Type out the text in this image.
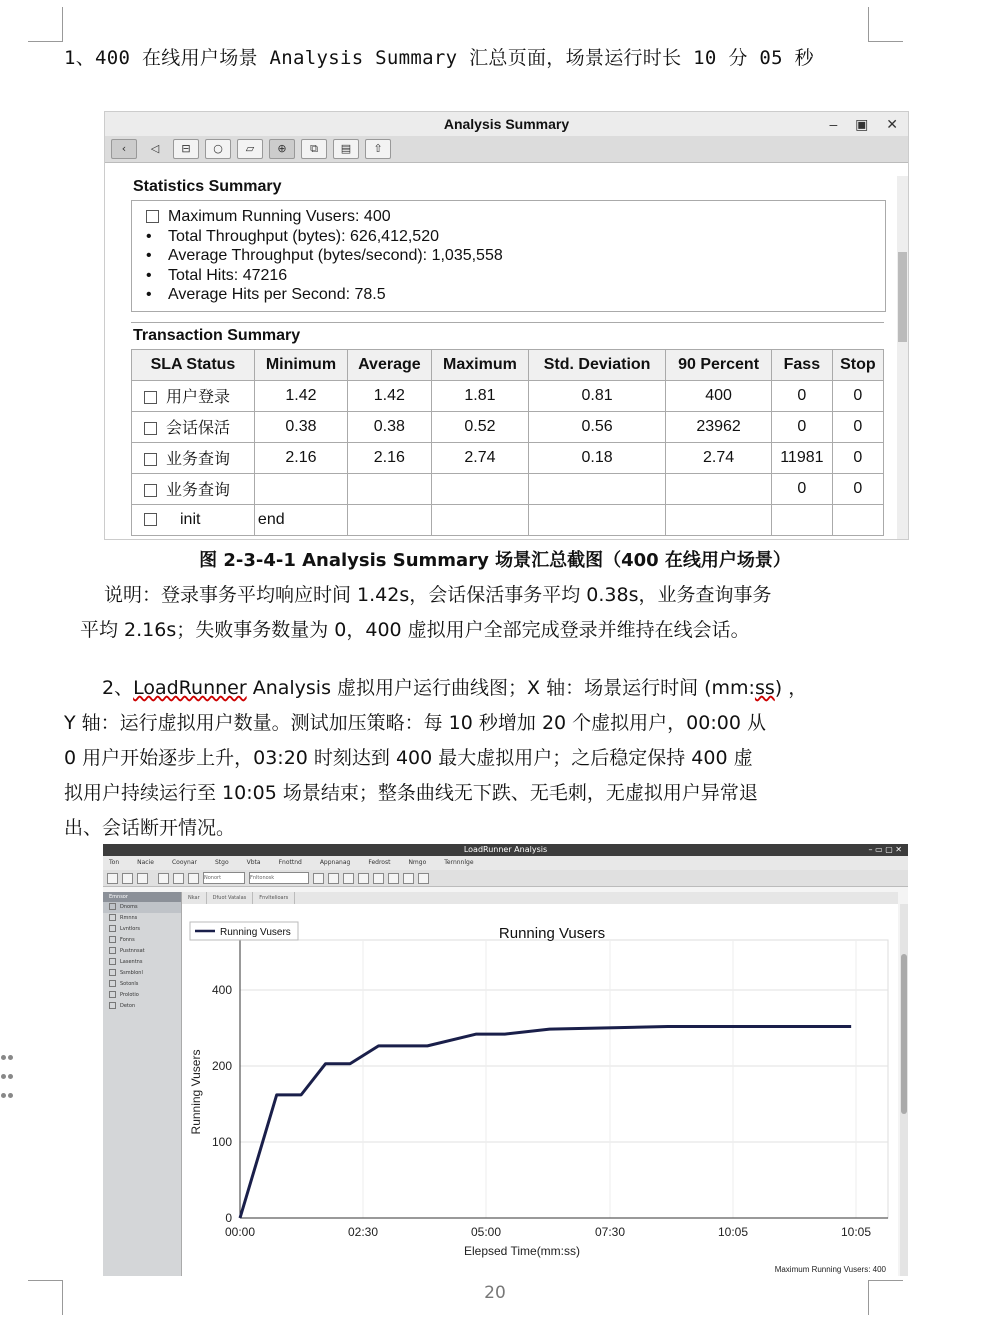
1、400 在线用户场景 Analysis Summary 汇总页面，场景运行时长 10 分 05 秒
Analysis Summary	– ▣ ✕
‹	◁	⊟	○	▱	⊕	⧉	▤	⇧
Statistics Summary
Maximum Running Vusers: 400
•	Total Throughput (bytes): 626,412,520
•	Average Throughput (bytes/second): 1,035,558
•	Total Hits: 47216
•	Average Hits per Second: 78.5
Transaction Summary
SLA Status	Minimum	Average	Maximum	Std. Deviation	90 Percent	Fass	Stop
用户登录	1.42	1.42	1.81	0.81	400	0	0
会话保活	0.38	0.38	0.52	0.56	23962	0	0
业务查询	2.16	2.16	2.74	0.18	2.74	11981	0
业务查询						0	0
init	end						
图 2-3-4-1 Analysis Summary 场景汇总截图（400 在线用户场景）
说明：登录事务平均响应时间 1.42s，会话保活事务平均 0.38s，业务查询事务
平均 2.16s；失败事务数量为 0，400 虚拟用户全部完成登录并维持在线会话。
2、LoadRunner Analysis 虚拟用户运行曲线图；X 轴：场景运行时间 (mm:ss) ，
Y 轴：运行虚拟用户数量。测试加压策略：每 10 秒增加 20 个虚拟用户，00:00 从
0 用户开始逐步上升，03:20 时刻达到 400 最大虚拟用户；之后稳定保持 400 虚
拟用户持续运行至 10:05 场景结束；整条曲线无下跌、无毛刺，无虚拟用户异常退
出、会话断开情况。
LoadRunner Analysis	– ▭ ▢ ✕
Ton	Nacie	Cooynar	Stgo	Vbta	Fnottnd	Appnanag	Fedrost	Nmgo	Ternnnlge
Nonort	Fnltonosk
Emnsor
Dnoms
Rmnns
Lvntlors
Fonns
Pustnnsat
Lasentns
Ssmblonl
Sotonls
Prolotio
Deton
Nkar	Dfuot Vatalas	Fnvltelioars
0
100
200
400
00:00	02:30	05:00	07:30	10:05	10:05
Running Vusers
Elepsed Time(mm:ss)
Running Vusers
Running Vusers
Maximum Running Vusers: 400
20
